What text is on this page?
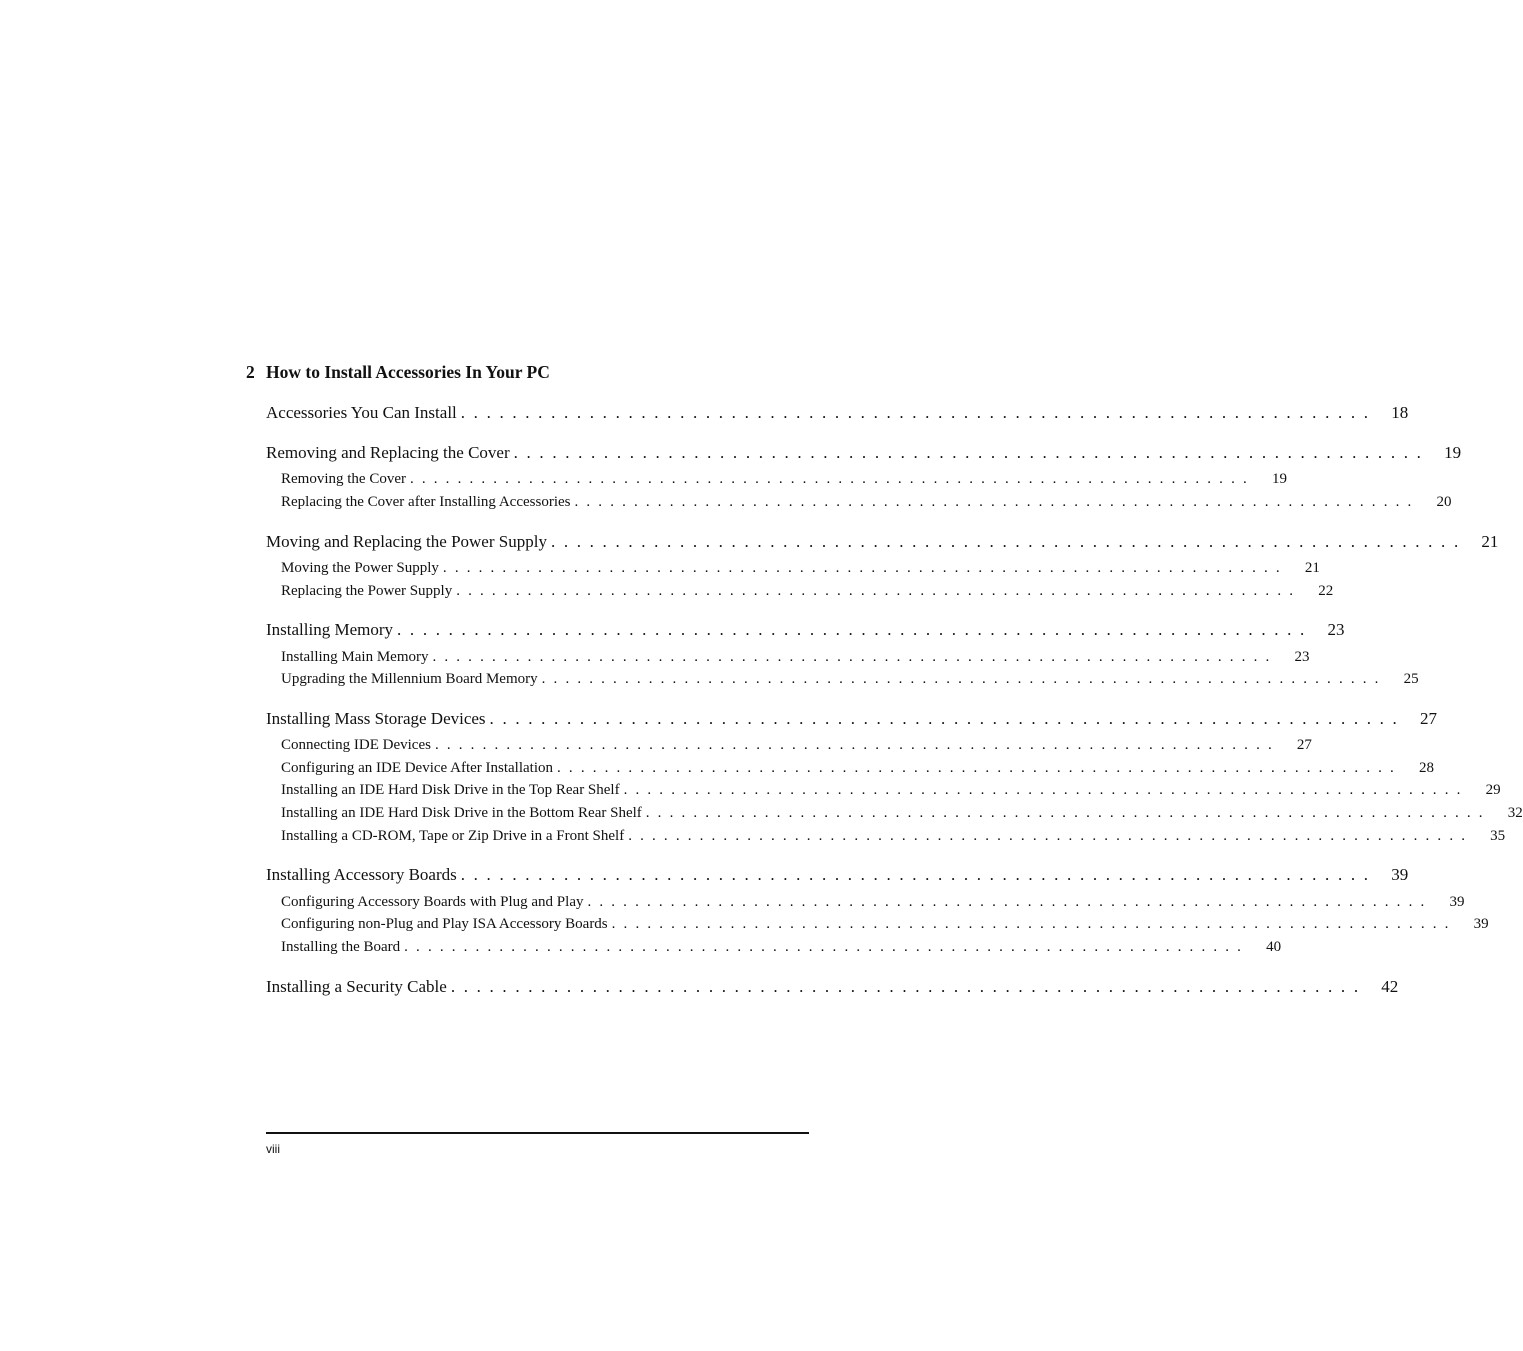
2 How to Install Accessories In Your PC
Accessories You Can Install . . . . . . . . . . . . . . . . . . . . . . . . . . . . . . . . . . . . . . . . . . . . . . . . . . . . . . . . . . . . . . . . . . . . . . . 18
Removing and Replacing the Cover . . . . . . . . . . . . . . . . . . . . . . . . . . . . . . . . . . . . . . . . . . . . . . . . . . . . . . . . . . . . . . . . . . . . . . . 19
Removing the Cover . . . . . . . . . . . . . . . . . . . . . . . . . . . . . . . . . . . . . . . . . . . . . . . . . . . . . . . . . . . . . . . . . . . . . . .	19
Replacing the Cover after Installing Accessories . . . . . . . . . . . . . . . . . . . . . . . . . . . . . . . . . . . . . . . . . . . . . . . . . . . . . . . . . . . . . . . . . . . . . . .	20
Moving and Replacing the Power Supply . . . . . . . . . . . . . . . . . . . . . . . . . . . . . . . . . . . . . . . . . . . . . . . . . . . . . . . . . . . . . . . . . . . . . . . 21
Moving the Power Supply . . . . . . . . . . . . . . . . . . . . . . . . . . . . . . . . . . . . . . . . . . . . . . . . . . . . . . . . . . . . . . . . . . . . . . .	21
Replacing the Power Supply . . . . . . . . . . . . . . . . . . . . . . . . . . . . . . . . . . . . . . . . . . . . . . . . . . . . . . . . . . . . . . . . . . . . . . .	22
Installing Memory . . . . . . . . . . . . . . . . . . . . . . . . . . . . . . . . . . . . . . . . . . . . . . . . . . . . . . . . . . . . . . . . . . . . . . . 23
Installing Main Memory . . . . . . . . . . . . . . . . . . . . . . . . . . . . . . . . . . . . . . . . . . . . . . . . . . . . . . . . . . . . . . . . . . . . . . .	23
Upgrading the Millennium Board Memory . . . . . . . . . . . . . . . . . . . . . . . . . . . . . . . . . . . . . . . . . . . . . . . . . . . . . . . . . . . . . . . . . . . . . . .	25
Installing Mass Storage Devices . . . . . . . . . . . . . . . . . . . . . . . . . . . . . . . . . . . . . . . . . . . . . . . . . . . . . . . . . . . . . . . . . . . . . . . 27
Connecting IDE Devices . . . . . . . . . . . . . . . . . . . . . . . . . . . . . . . . . . . . . . . . . . . . . . . . . . . . . . . . . . . . . . . . . . . . . . .	27
Configuring an IDE Device After Installation . . . . . . . . . . . . . . . . . . . . . . . . . . . . . . . . . . . . . . . . . . . . . . . . . . . . . . . . . . . . . . . . . . . . . . .	28
Installing an IDE Hard Disk Drive in the Top Rear Shelf . . . . . . . . . . . . . . . . . . . . . . . . . . . . . . . . . . . . . . . . . . . . . . . . . . . . . . . . . . . . . . . . . . . . . . .	29
Installing an IDE Hard Disk Drive in the Bottom Rear Shelf . . . . . . . . . . . . . . . . . . . . . . . . . . . . . . . . . . . . . . . . . . . . . . . . . . . . . . . . . . . . . . . . . . . . . . .	32
Installing a CD-ROM, Tape or Zip Drive in a Front Shelf . . . . . . . . . . . . . . . . . . . . . . . . . . . . . . . . . . . . . . . . . . . . . . . . . . . . . . . . . . . . . . . . . . . . . . .	35
Installing Accessory Boards . . . . . . . . . . . . . . . . . . . . . . . . . . . . . . . . . . . . . . . . . . . . . . . . . . . . . . . . . . . . . . . . . . . . . . . 39
Configuring Accessory Boards with Plug and Play . . . . . . . . . . . . . . . . . . . . . . . . . . . . . . . . . . . . . . . . . . . . . . . . . . . . . . . . . . . . . . . . . . . . . . .	39
Configuring non-Plug and Play ISA Accessory Boards . . . . . . . . . . . . . . . . . . . . . . . . . . . . . . . . . . . . . . . . . . . . . . . . . . . . . . . . . . . . . . . . . . . . . . .	39
Installing the Board . . . . . . . . . . . . . . . . . . . . . . . . . . . . . . . . . . . . . . . . . . . . . . . . . . . . . . . . . . . . . . . . . . . . . . .	40
Installing a Security Cable . . . . . . . . . . . . . . . . . . . . . . . . . . . . . . . . . . . . . . . . . . . . . . . . . . . . . . . . . . . . . . . . . . . . . . . 42
viii
